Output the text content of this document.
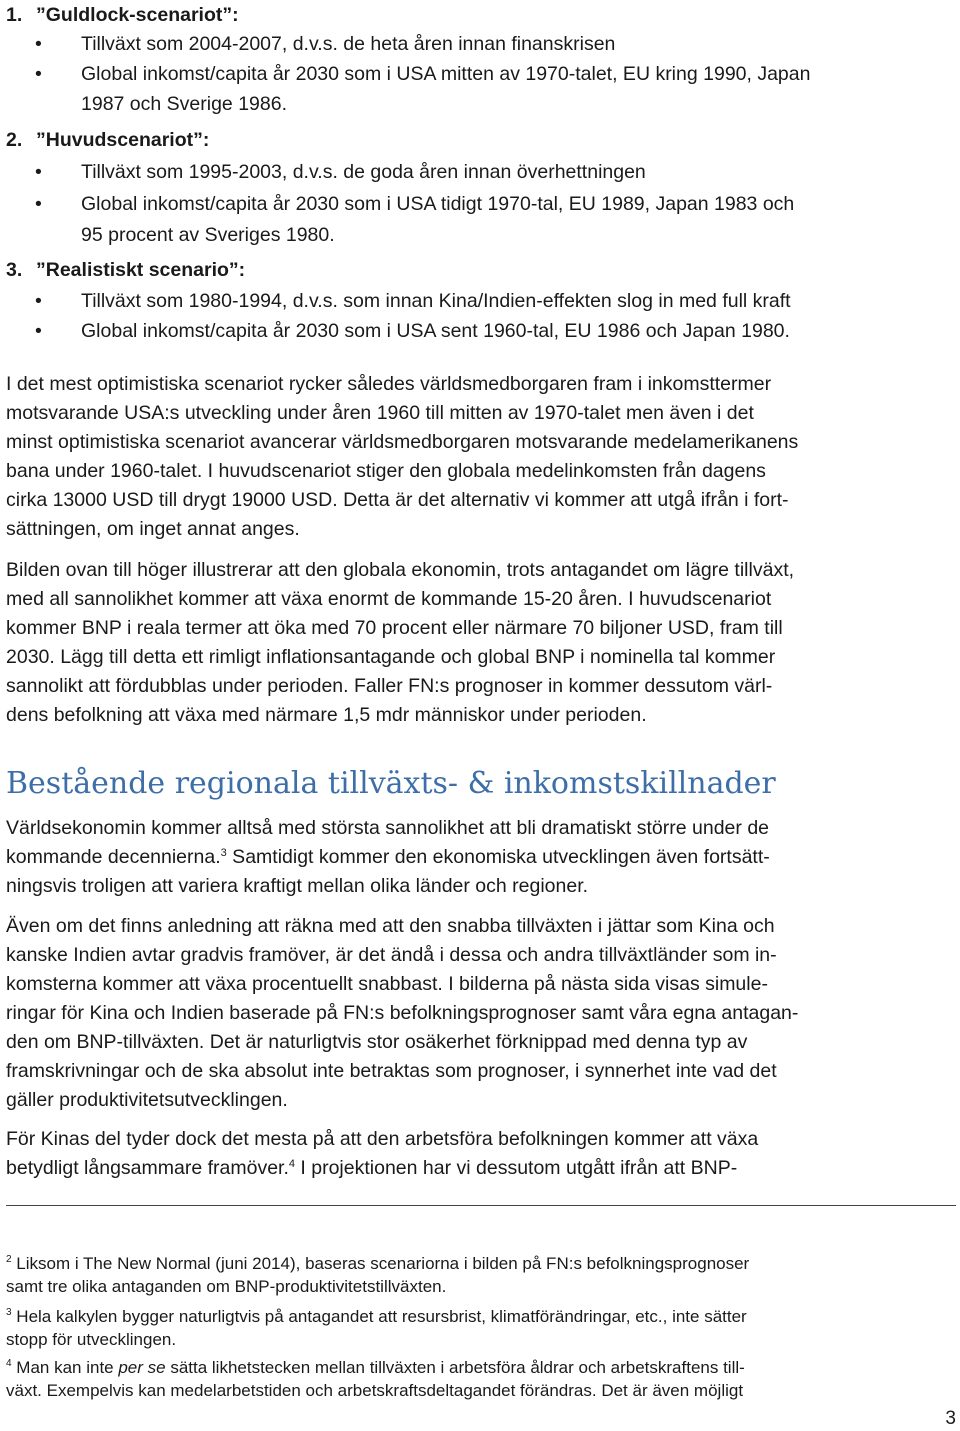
1. ”Guldlock-scenariot”:
• Tillväxt som 2004-2007, d.v.s. de heta åren innan finanskrisen
• Global inkomst/capita år 2030 som i USA mitten av 1970-talet, EU kring 1990, Japan
1987 och Sverige 1986.
2. ”Huvudscenariot”:
• Tillväxt som 1995-2003, d.v.s. de goda åren innan överhettningen
• Global inkomst/capita år 2030 som i USA tidigt 1970-tal, EU 1989, Japan 1983 och
95 procent av Sveriges 1980.
3. ”Realistiskt scenario”:
• Tillväxt som 1980-1994, d.v.s. som innan Kina/Indien-effekten slog in med full kraft
• Global inkomst/capita år 2030 som i USA sent 1960-tal, EU 1986 och Japan 1980.
I det mest optimistiska scenariot rycker således världsmedborgaren fram i inkomsttermer
motsvarande USA:s utveckling under åren 1960 till mitten av 1970-talet men även i det
minst optimistiska scenariot avancerar världsmedborgaren motsvarande medelamerikanens
bana under 1960-talet. I huvudscenariot stiger den globala medelinkomsten från dagens
cirka 13000 USD till drygt 19000 USD. Detta är det alternativ vi kommer att utgå ifrån i fort-
sättningen, om inget annat anges.
Bilden ovan till höger illustrerar att den globala ekonomin, trots antagandet om lägre tillväxt,
med all sannolikhet kommer att växa enormt de kommande 15-20 åren. I huvudscenariot
kommer BNP i reala termer att öka med 70 procent eller närmare 70 biljoner USD, fram till
2030. Lägg till detta ett rimligt inflationsantagande och global BNP i nominella tal kommer
sannolikt att fördubblas under perioden. Faller FN:s prognoser in kommer dessutom värl-
dens befolkning att växa med närmare 1,5 mdr människor under perioden.
Bestående regionala tillväxts- & inkomstskillnader
Världsekonomin kommer alltså med största sannolikhet att bli dramatiskt större under de
kommande decennierna.$^3$ Samtidigt kommer den ekonomiska utvecklingen även fortsätt-
ningsvis troligen att variera kraftigt mellan olika länder och regioner.
Även om det finns anledning att räkna med att den snabba tillväxten i jättar som Kina och
kanske Indien avtar gradvis framöver, är det ändå i dessa och andra tillväxtländer som in-
komsterna kommer att växa procentuellt snabbast. I bilderna på nästa sida visas simule-
ringar för Kina och Indien baserade på FN:s befolkningsprognoser samt våra egna antagan-
den om BNP-tillväxten. Det är naturligtvis stor osäkerhet förknippad med denna typ av
framskrivningar och de ska absolut inte betraktas som prognoser, i synnerhet inte vad det
gäller produktivitetsutvecklingen.
För Kinas del tyder dock det mesta på att den arbetsföra befolkningen kommer att växa
betydligt långsammare framöver.$^4$ I projektionen har vi dessutom utgått ifrån att BNP-
$^2$ Liksom i The New Normal (juni 2014), baseras scenariorna i bilden på FN:s befolkningsprognoser
samt tre olika antaganden om BNP-produktivitetstillväxten.
$^3$ Hela kalkylen bygger naturligtvis på antagandet att resursbrist, klimatförändringar, etc., inte sätter
stopp för utvecklingen.
$^4$ Man kan inte per se sätta likhetstecken mellan tillväxten i arbetsföra åldrar och arbetskraftens till-
växt. Exempelvis kan medelarbetstiden och arbetskraftsdeltagandet förändras. Det är även möjligt
3
